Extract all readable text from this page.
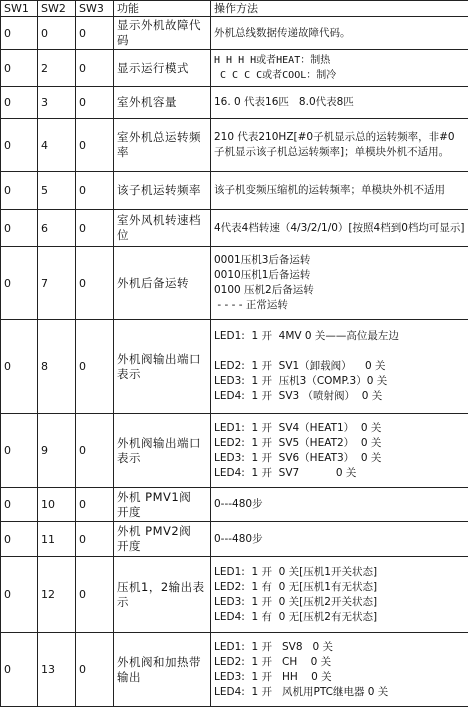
SW1	SW2	SW3	功能	操作方法
0	0	0	显示外机故障代码	外机总线数据传递故障代码。
0	2	0	显示运行模式	H H H H或者HEAT：制热
C C C C或者COOL：制冷
0	3	0	室外机容量	16. 0 代表16匹   8.0代表8匹
0	4	0	室外机总运转频率	210 代表210HZ[#0子机显示总的运转频率，非#0子机显示该子机总运转频率]；单模块外机不适用。
0	5	0	该子机运转频率	该子机变频压缩机的运转频率；单模块外机不适用
0	6	0	室外风机转速档位	4代表4档转速（4/3/2/1/0）[按照4档到0档均可显示]
0	7	0	外机后备运转	0001压机3后备运转
0010压机1后备运转
0100 压机2后备运转
- - - - 正常运转
0	8	0	外机阀输出端口表示	LED1:  1 开  4MV 0 关——高位最左边

LED2:  1 开  SV1（卸载阀）    0 关
LED3:  1 开  压机3（COMP.3）0 关
LED4:  1 开  SV3 （喷射阀）  0 关
0	9	0	外机阀输出端口表示	LED1:  1 开  SV4（HEAT1）  0 关
LED2:  1 开  SV5（HEAT2）  0 关
LED3:  1 开  SV6（HEAT3）  0 关
LED4:  1 开  SV7           0 关
0	10	0	外机 PMV1阀 开度	0---480步
0	11	0	外机 PMV2阀 开度	0---480步
0	12	0	压机1，2输出表示	LED1:  1 开  0 关[压机1开关状态]
LED2:  1 有  0 无[压机1有无状态]
LED3:  1 开  0 关[压机2开关状态]
LED4:  1 有  0 无[压机2有无状态]
0	13	0	外机阀和加热带输出	LED1:  1 开   SV8   0 关
LED2:  1 开   CH    0 关
LED3:  1 开   HH    0 关
LED4:  1 开   风机用PTC继电器 0 关
